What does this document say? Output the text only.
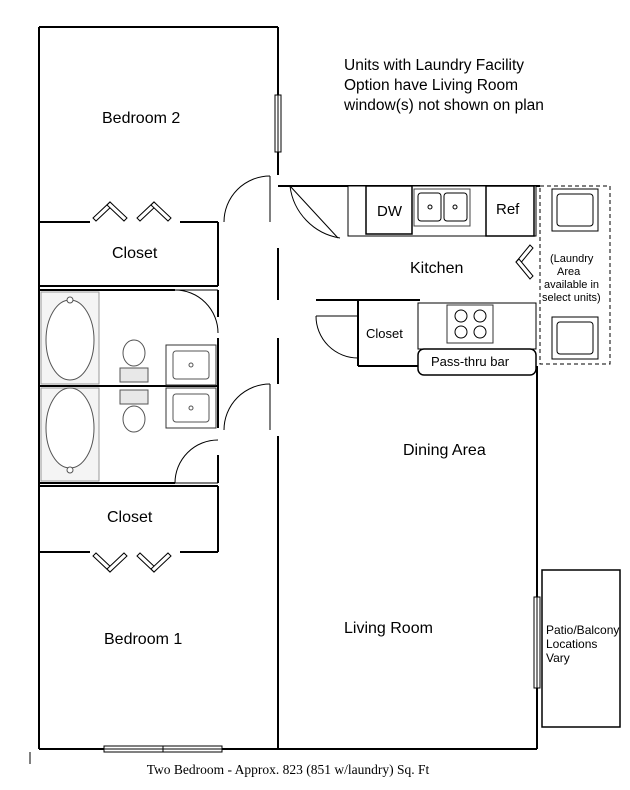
Bedroom 2
Closet
Closet
Bedroom 1
Closet
Kitchen
Dining Area
Living Room
DW	Ref
Pass-thru bar
(Laundry
Area
available in
select units)
Patio/Balcony
Locations
Vary
Units with Laundry Facility
Option have Living Room
window(s) not shown on plan
Two Bedroom - Approx. 823 (851 w/laundry) Sq. Ft
